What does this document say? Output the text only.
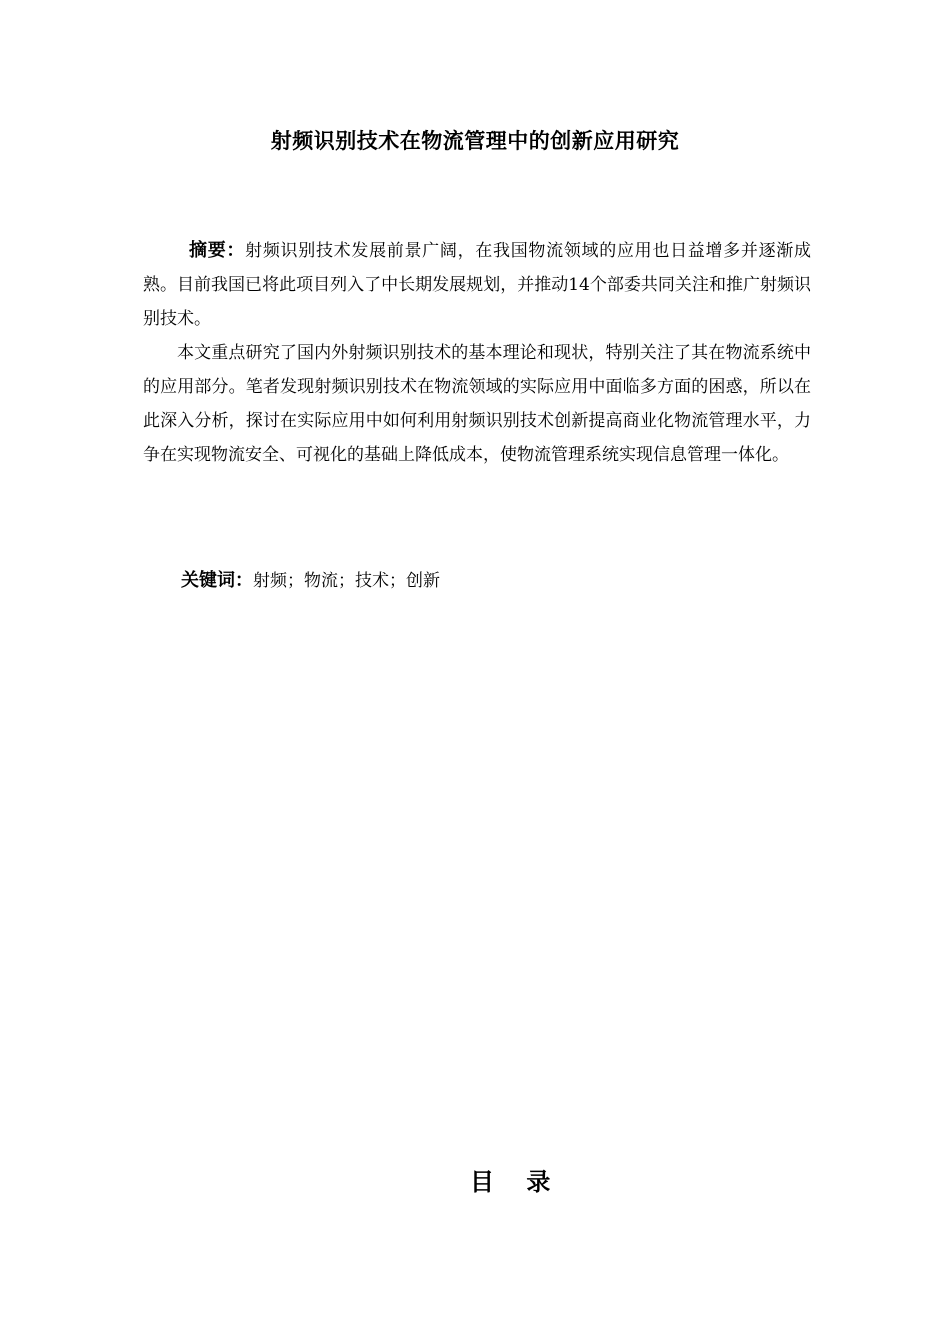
射频识别技术在物流管理中的创新应用研究

摘要：射频识别技术发展前景广阔，在我国物流领域的应用也日益增多并逐渐成熟。目前我国已将此项目列入了中长期发展规划，并推动14个部委共同关注和推广射频识别技术。

本文重点研究了国内外射频识别技术的基本理论和现状，特别关注了其在物流系统中的应用部分。笔者发现射频识别技术在物流领域的实际应用中面临多方面的困惑，所以在此深入分析，探讨在实际应用中如何利用射频识别技术创新提高商业化物流管理水平，力争在实现物流安全、可视化的基础上降低成本，使物流管理系统实现信息管理一体化。

关键词：射频；物流；技术；创新
目 录
